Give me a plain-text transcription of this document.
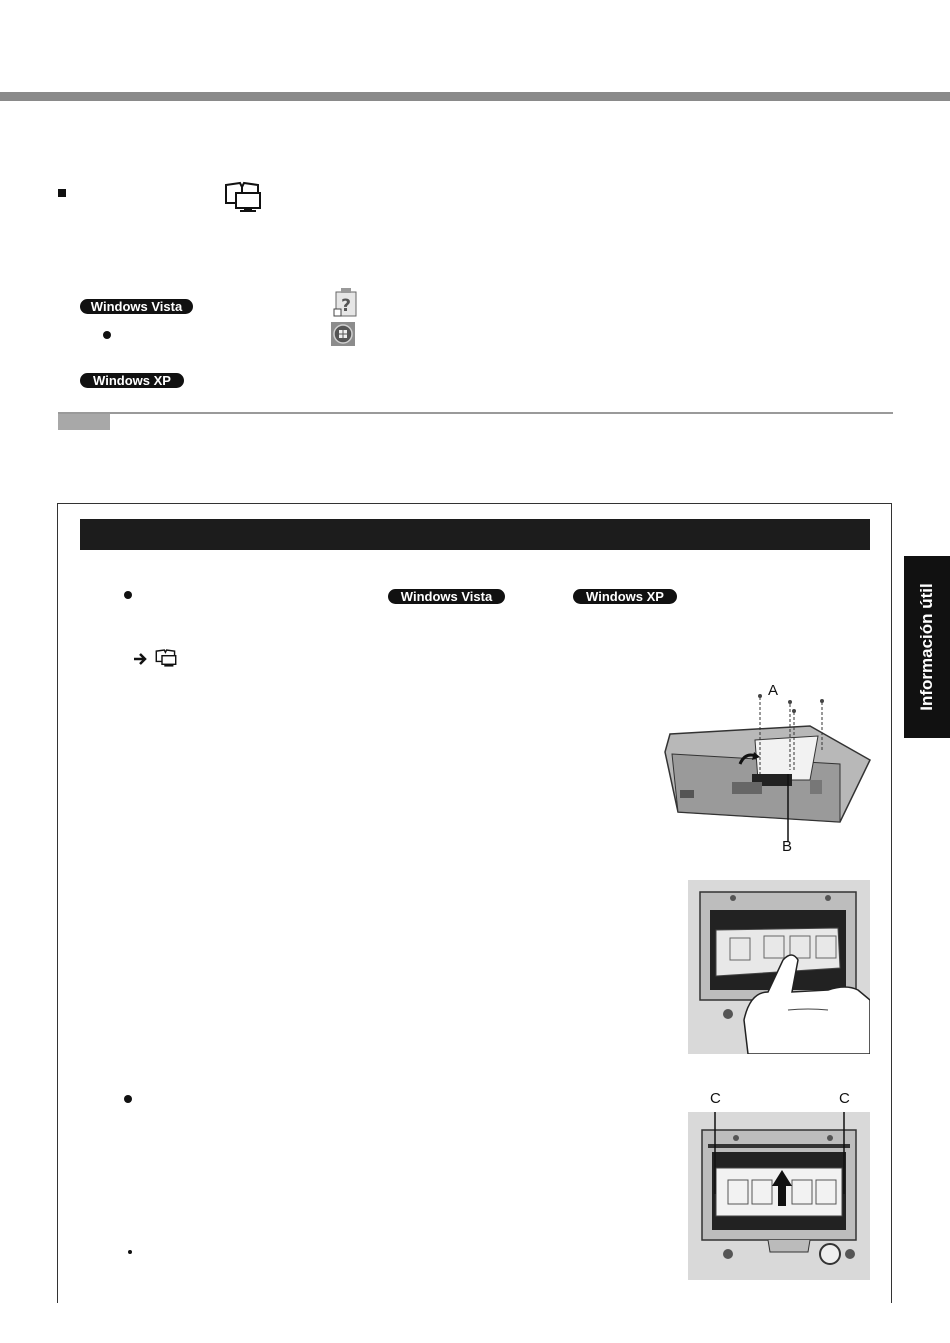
Windows Vista	?
Windows XP
Información útil
Windows Vista	Windows XP
A
B
C	C
